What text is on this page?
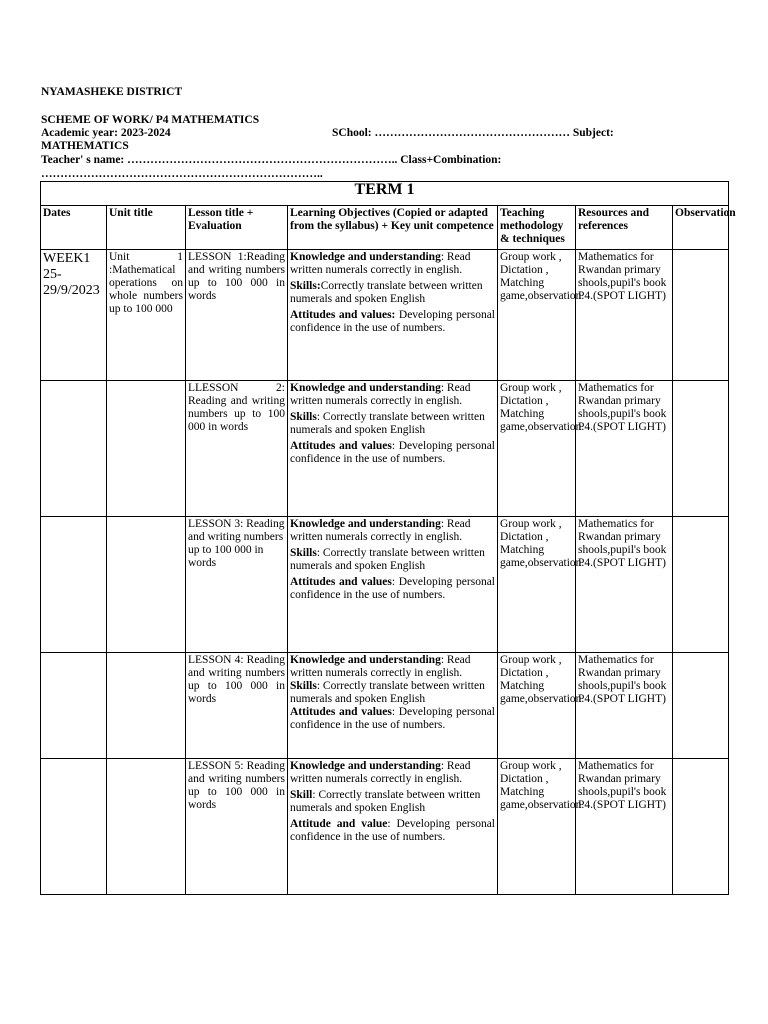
NYAMASHEKE DISTRICT
SCHEME OF WORK/ P4 MATHEMATICS
Academic year: 2023-2024	SChool: …………………………………………… Subject:
MATHEMATICS
Teacher' s name: …………………………………………………………….. Class+Combination:
………………………………………………………………..
TERM 1						
Dates	Unit title	Lesson title + Evaluation	Learning Objectives (Copied or adapted from the syllabus) + Key unit competence	Teaching methodology & techniques	Resources and references	Observation
WEEK1 25-29/9/2023	Unit 1 :Mathematical operations on whole numbers up to 100 000	LESSON 1:Reading and writing numbers up to 100 000 in words	Knowledge and understanding: Read written numerals correctly in english.
Skills:Correctly translate between written numerals and spoken English
Attitudes and values: Developing personal confidence in the use of numbers.	Group work , Dictation , Matching game,observation.	Mathematics for Rwandan primary shools,pupil's book P4.(SPOT LIGHT)	
		LLESSON 2: Reading and writing numbers up to 100 000 in words	Knowledge and understanding: Read written numerals correctly in english.
Skills: Correctly translate between written numerals and spoken English
Attitudes and values: Developing personal confidence in the use of numbers.	Group work , Dictation , Matching game,observation.	Mathematics for Rwandan primary shools,pupil's book P4.(SPOT LIGHT)	
		LESSON 3: Reading and writing numbers up to 100 000 in words	Knowledge and understanding: Read written numerals correctly in english.
Skills: Correctly translate between written numerals and spoken English
Attitudes and values: Developing personal confidence in the use of numbers.	Group work , Dictation , Matching game,observation.	Mathematics for Rwandan primary shools,pupil's book P4.(SPOT LIGHT)	
		LESSON 4: Reading and writing numbers up to 100 000 in words	Knowledge and understanding: Read written numerals correctly in english.
Skills: Correctly translate between written numerals and spoken English
Attitudes and values: Developing personal confidence in the use of numbers.	Group work , Dictation , Matching game,observation.	Mathematics for Rwandan primary shools,pupil's book P4.(SPOT LIGHT)	
		LESSON 5: Reading and writing numbers up to 100 000 in words	Knowledge and understanding: Read written numerals correctly in english.
Skill: Correctly translate between written numerals and spoken English
Attitude and value: Developing personal confidence in the use of numbers.	Group work , Dictation , Matching game,observation.	Mathematics for Rwandan primary shools,pupil's book P4.(SPOT LIGHT)	
